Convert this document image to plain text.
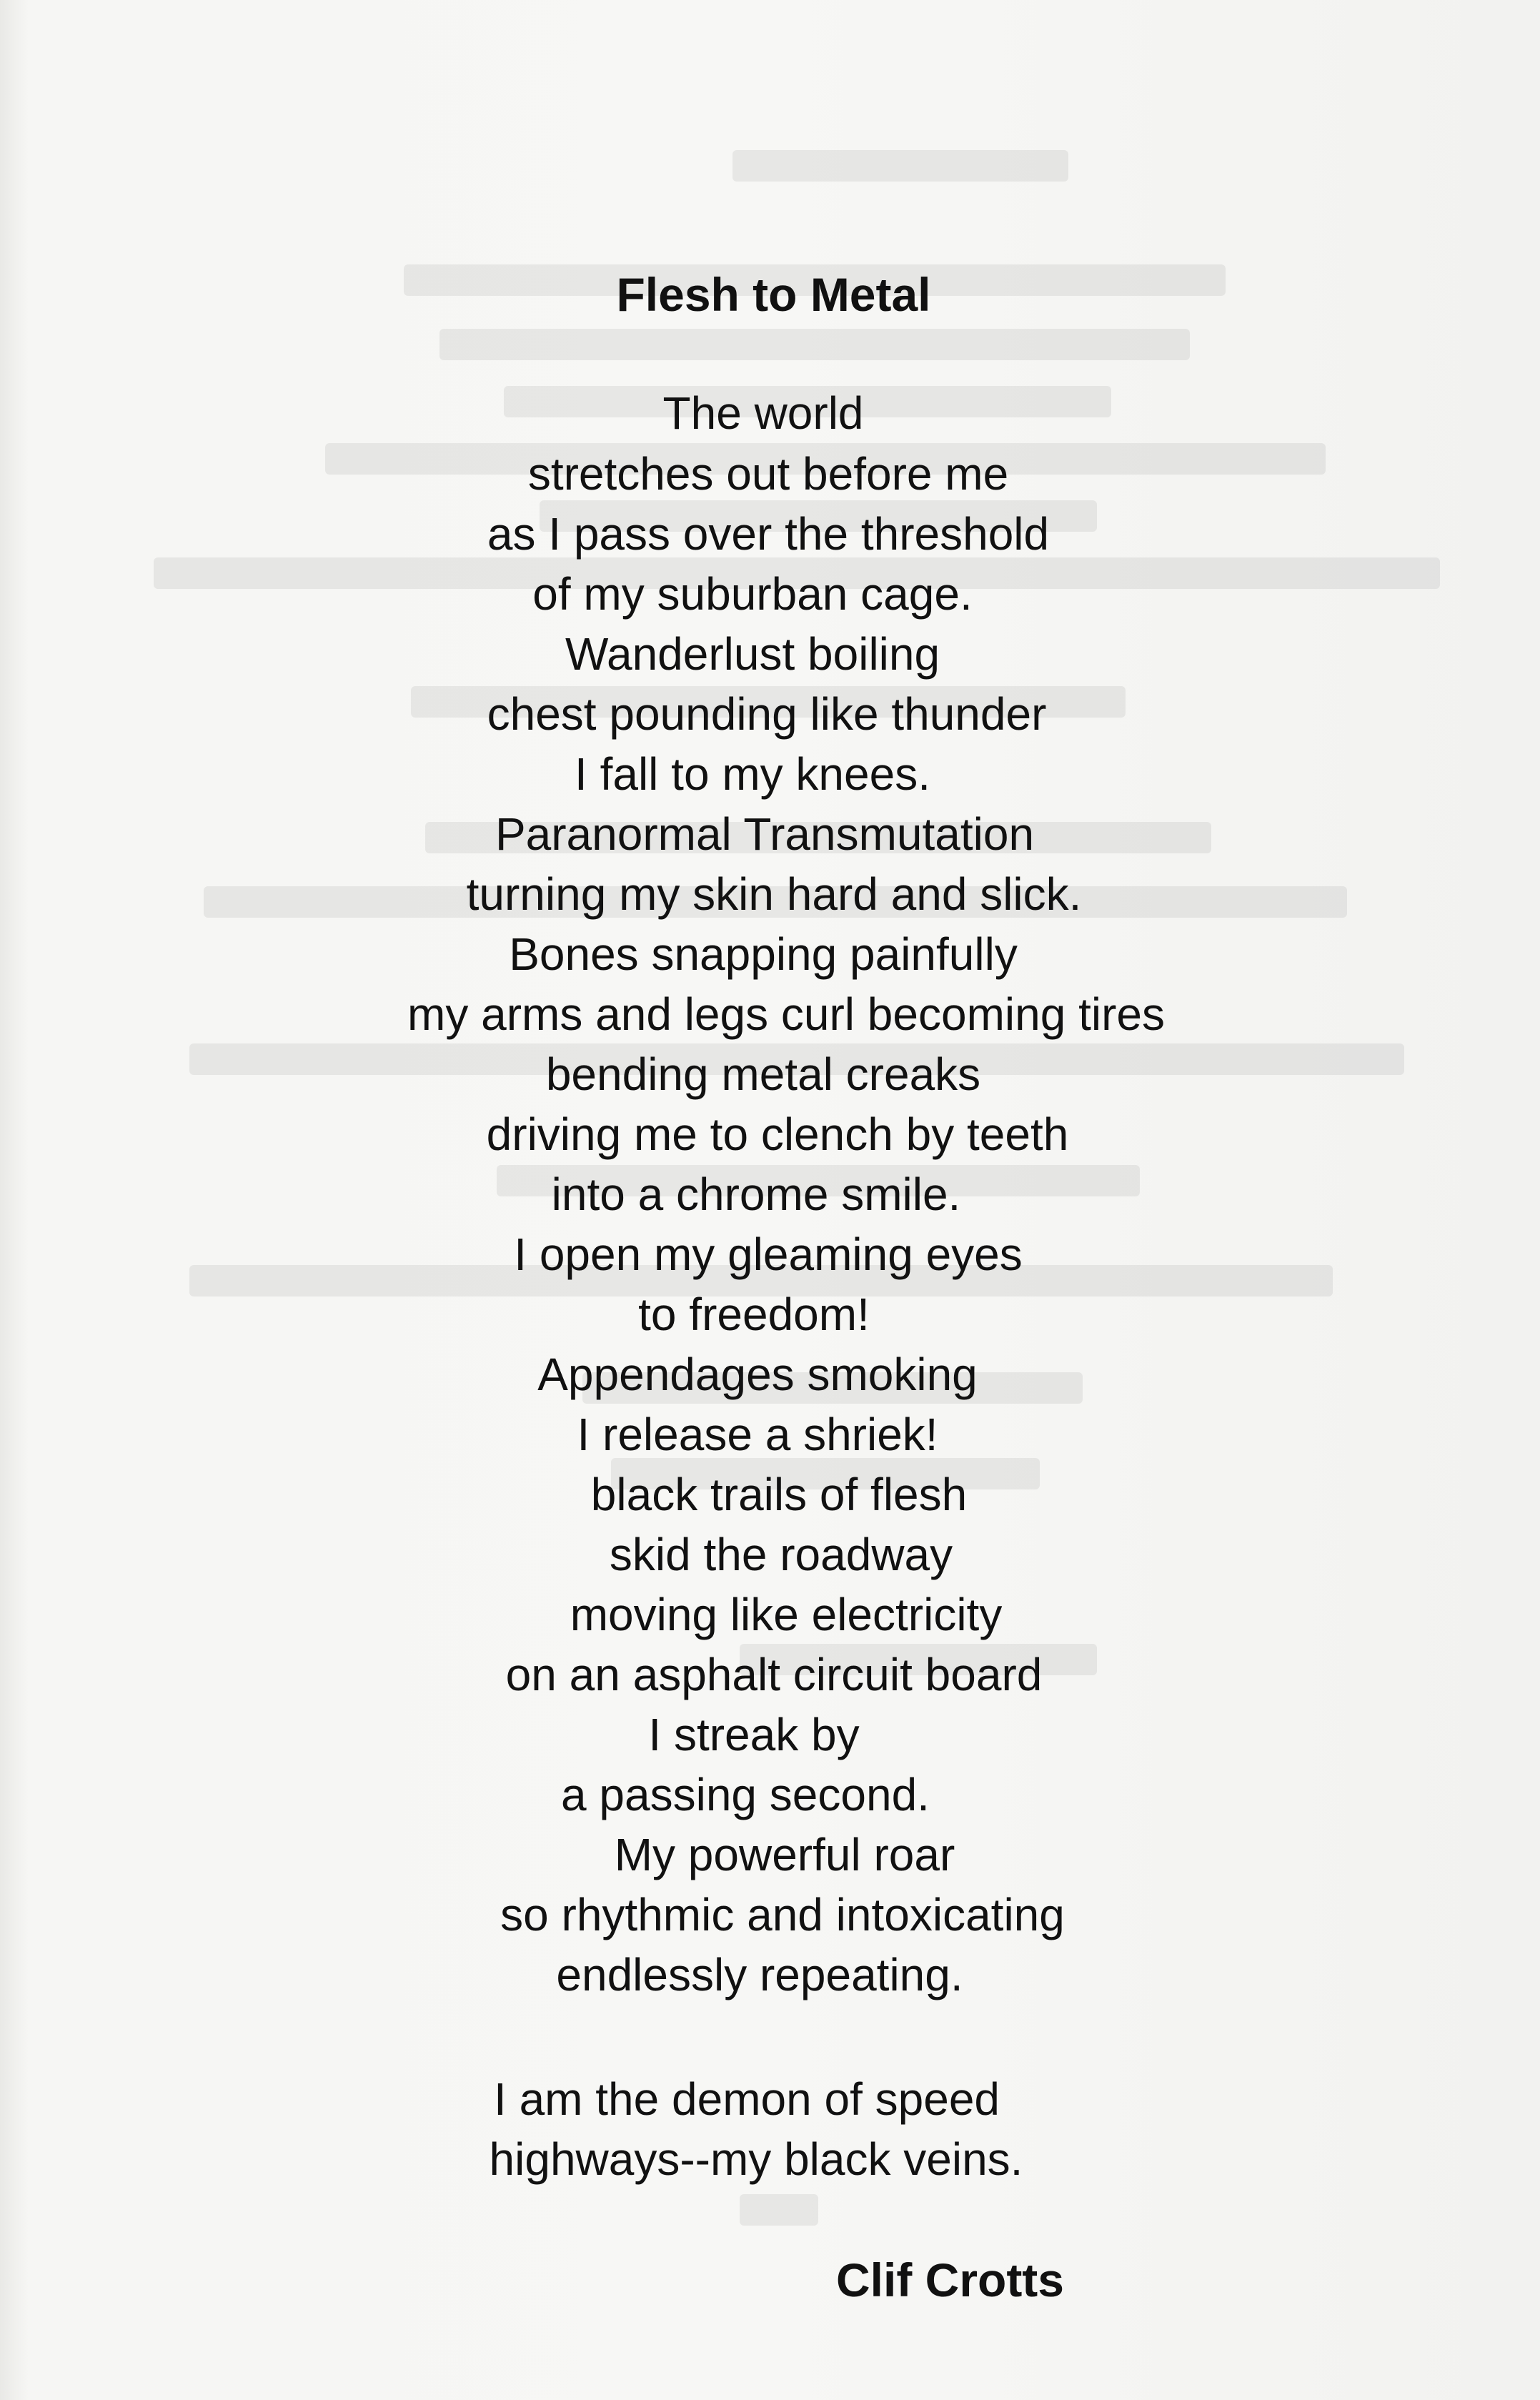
Flesh to Metal
The world
stretches out before me
as I pass over the threshold
of my suburban cage.
Wanderlust boiling
chest pounding like thunder
I fall to my knees.
Paranormal Transmutation
turning my skin hard and slick.
Bones snapping painfully
my arms and legs curl becoming tires
bending metal creaks
driving me to clench by teeth
into a chrome smile.
I open my gleaming eyes
to freedom!
Appendages smoking
I release a shriek!
black trails of flesh
skid the roadway
moving like electricity
on an asphalt circuit board
I streak by
a passing second.
My powerful roar
so rhythmic and intoxicating
endlessly repeating.
I am the demon of speed
highways--my black veins.
Clif Crotts
